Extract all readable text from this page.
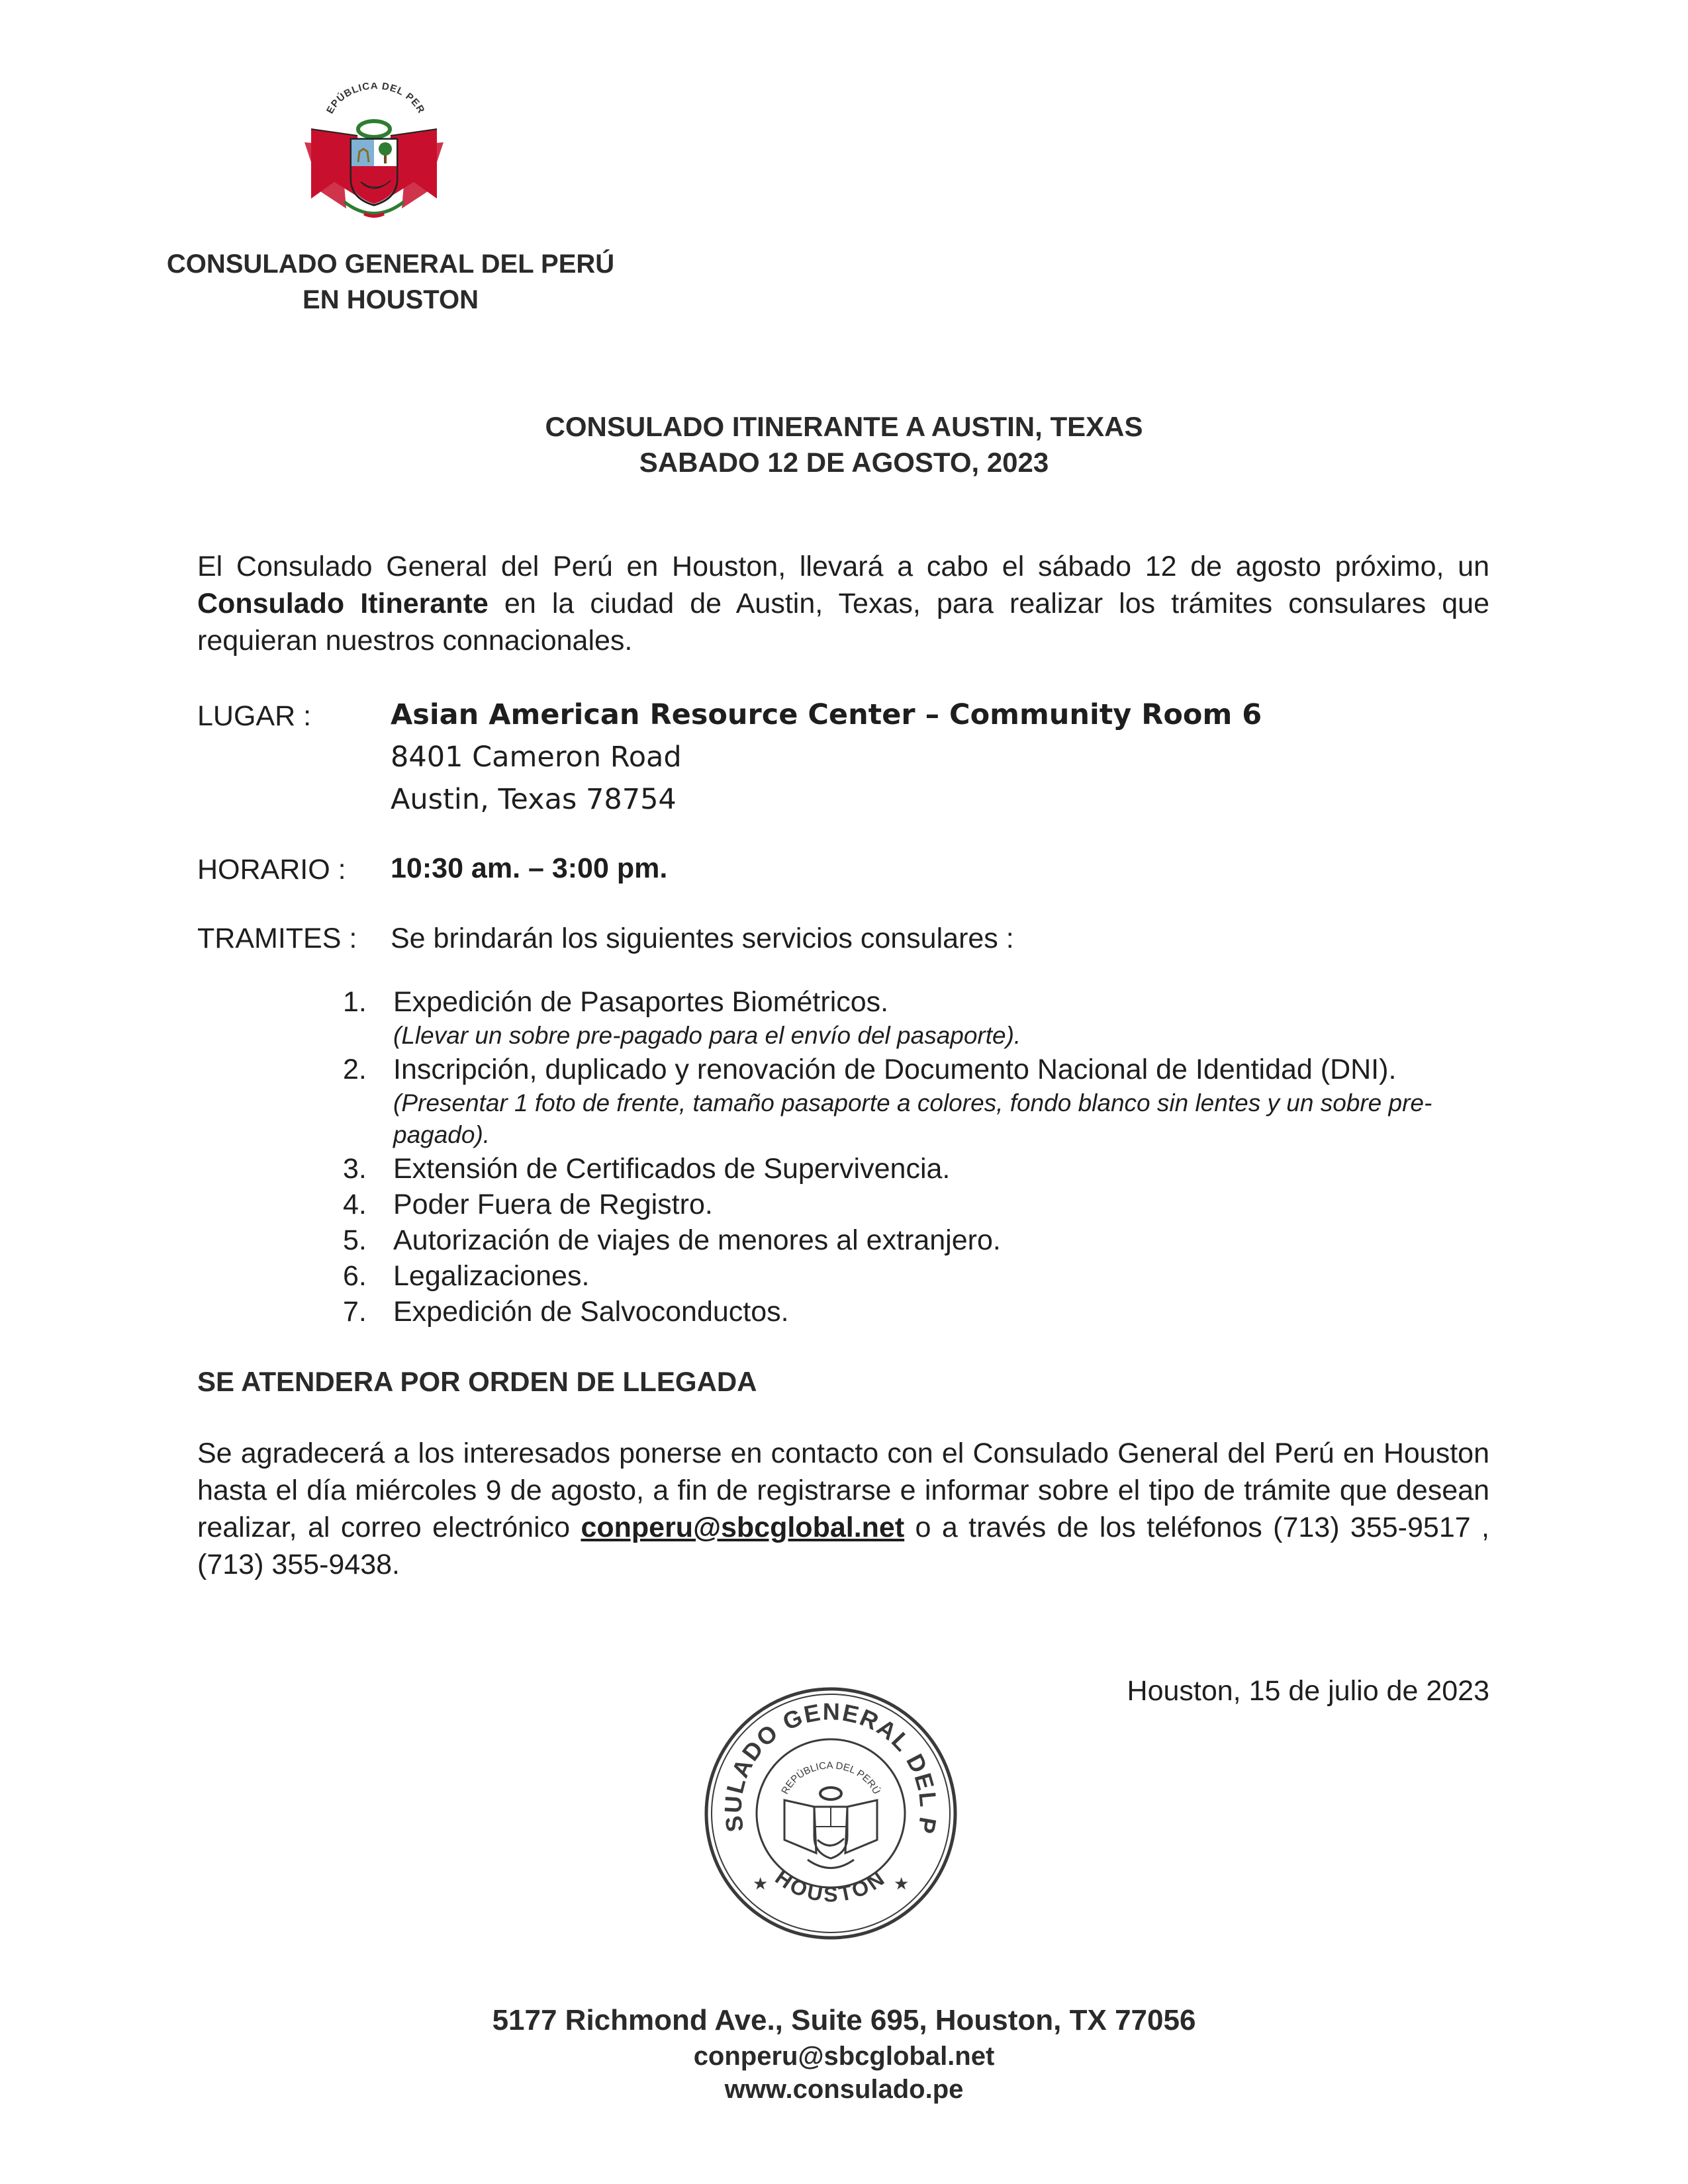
EPÚBLICA DEL PER
CONSULADO GENERAL DEL PERÚ
EN HOUSTON
CONSULADO ITINERANTE A AUSTIN, TEXAS
SABADO 12 DE AGOSTO, 2023
El Consulado General del Perú en Houston, llevará a cabo el sábado 12 de agosto próximo, un Consulado Itinerante en la ciudad de Austin, Texas, para realizar los trámites consulares que requieran nuestros connacionales.
LUGAR :	Asian American Resource Center – Community Room 6
8401 Cameron Road
Austin, Texas 78754
HORARIO : 10:30 am. – 3:00 pm.
TRAMITES : Se brindarán los siguientes servicios consulares :
1. Expedición de Pasaportes Biométricos.
(Llevar un sobre pre-pagado para el envío del pasaporte).
2. Inscripción, duplicado y renovación de Documento Nacional de Identidad (DNI).
(Presentar 1 foto de frente, tamaño pasaporte a colores, fondo blanco sin lentes y un sobre pre-pagado).
3. Extensión de Certificados de Supervivencia.
4. Poder Fuera de Registro.
5. Autorización de viajes de menores al extranjero.
6. Legalizaciones.
7. Expedición de Salvoconductos.
SE ATENDERA POR ORDEN DE LLEGADA
Se agradecerá a los interesados ponerse en contacto con el Consulado General del Perú en Houston hasta el día miércoles 9 de agosto, a fin de registrarse e informar sobre el tipo de trámite que desean realizar, al correo electrónico conperu@sbcglobal.net o a través de los teléfonos (713) 355-9517 , (713) 355-9438.
Houston, 15 de julio de 2023
SULADO GENERAL DEL P
HOUSTON
★	★
REPÚBLICA DEL PERÚ
5177 Richmond Ave., Suite 695, Houston, TX 77056
conperu@sbcglobal.net
www.consulado.pe
